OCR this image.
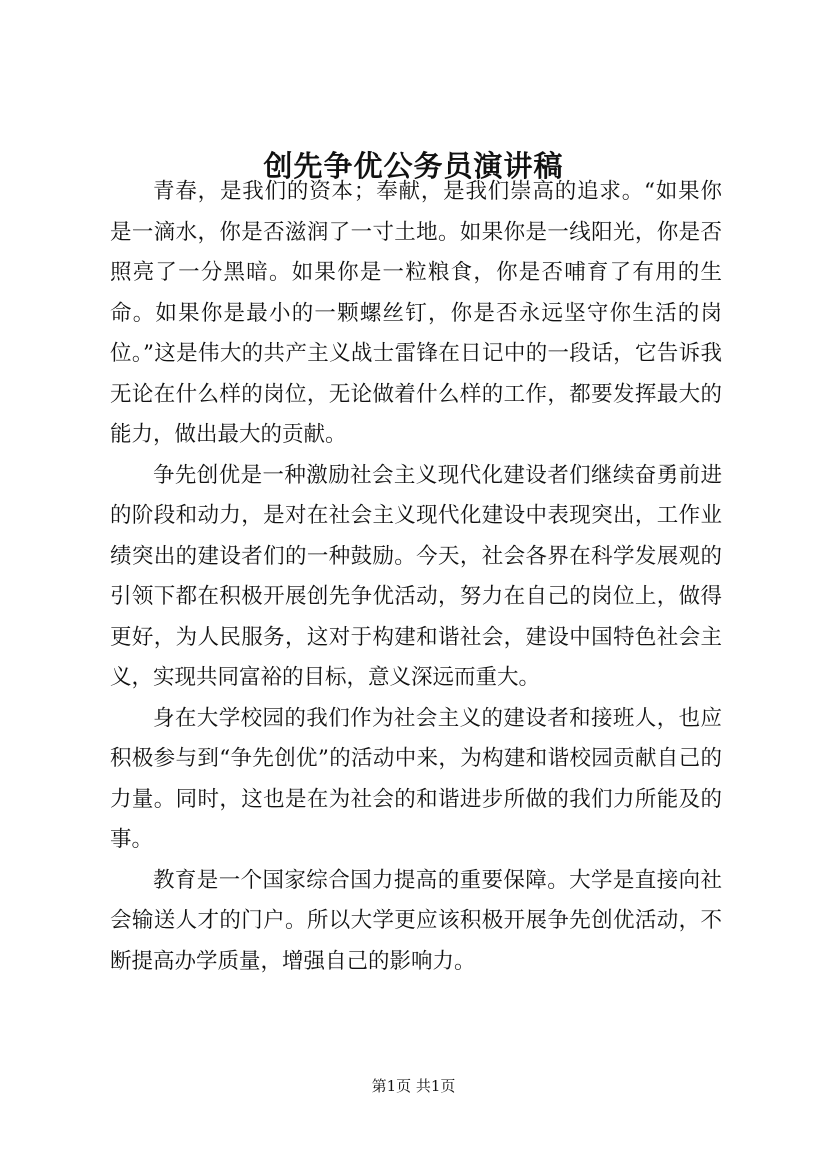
创先争优公务员演讲稿

青春，是我们的资本；奉献，是我们崇高的追求。“如果你是一滴水，你是否滋润了一寸土地。如果你是一线阳光，你是否照亮了一分黑暗。如果你是一粒粮食，你是否哺育了有用的生命。如果你是最小的一颗螺丝钉，你是否永远坚守你生活的岗位。”这是伟大的共产主义战士雷锋在日记中的一段话，它告诉我无论在什么样的岗位，无论做着什么样的工作，都要发挥最大的能力，做出最大的贡献。

争先创优是一种激励社会主义现代化建设者们继续奋勇前进的阶段和动力，是对在社会主义现代化建设中表现突出，工作业绩突出的建设者们的一种鼓励。今天，社会各界在科学发展观的引领下都在积极开展创先争优活动，努力在自己的岗位上，做得更好，为人民服务，这对于构建和谐社会，建设中国特色社会主义，实现共同富裕的目标，意义深远而重大。

身在大学校园的我们作为社会主义的建设者和接班人，也应积极参与到“争先创优”的活动中来，为构建和谐校园贡献自己的力量。同时，这也是在为社会的和谐进步所做的我们力所能及的事。

教育是一个国家综合国力提高的重要保障。大学是直接向社会输送人才的门户。所以大学更应该积极开展争先创优活动，不断提高办学质量，增强自己的影响力。

第1页 共1页
